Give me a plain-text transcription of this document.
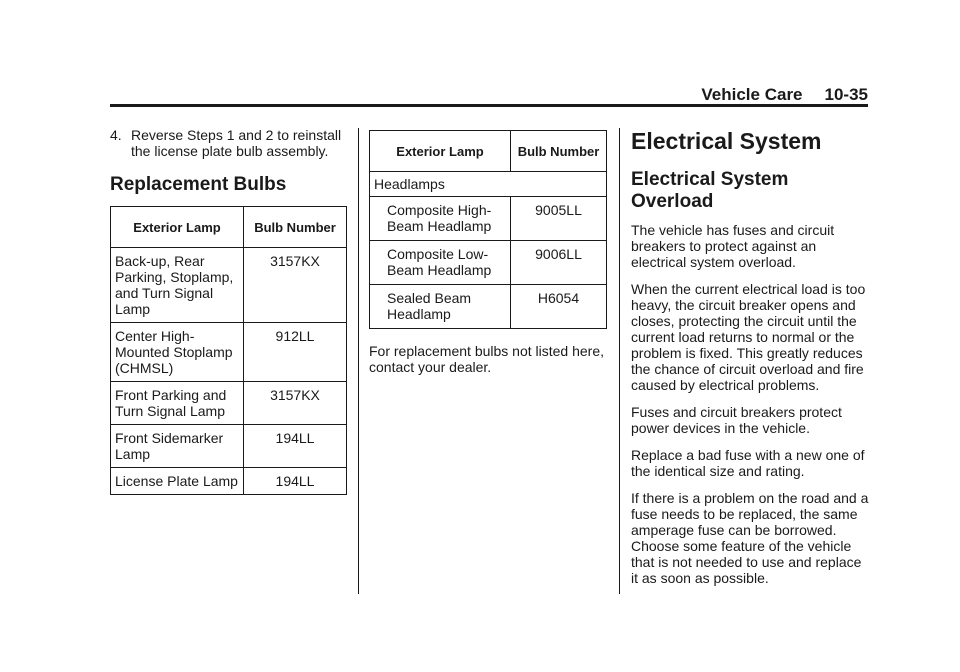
Vehicle Care 10-35

4. Reverse Steps 1 and 2 to reinstall the license plate bulb assembly.

Replacement Bulbs
Exterior Lamp	Bulb Number
Back-up, Rear Parking, Stoplamp, and Turn Signal Lamp	3157KX
Center High-Mounted Stoplamp (CHMSL)	912LL
Front Parking and Turn Signal Lamp	3157KX
Front Sidemarker Lamp	194LL
License Plate Lamp	194LL
Exterior Lamp	Bulb Number
Headlamps	
Composite High-Beam Headlamp	9005LL
Composite Low-Beam Headlamp	9006LL
Sealed Beam Headlamp	H6054

For replacement bulbs not listed here, contact your dealer.

Electrical System
Electrical System Overload

The vehicle has fuses and circuit breakers to protect against an electrical system overload.

When the current electrical load is too heavy, the circuit breaker opens and closes, protecting the circuit until the current load returns to normal or the problem is fixed. This greatly reduces the chance of circuit overload and fire caused by electrical problems.

Fuses and circuit breakers protect power devices in the vehicle.

Replace a bad fuse with a new one of the identical size and rating.

If there is a problem on the road and a fuse needs to be replaced, the same amperage fuse can be borrowed. Choose some feature of the vehicle that is not needed to use and replace it as soon as possible.
